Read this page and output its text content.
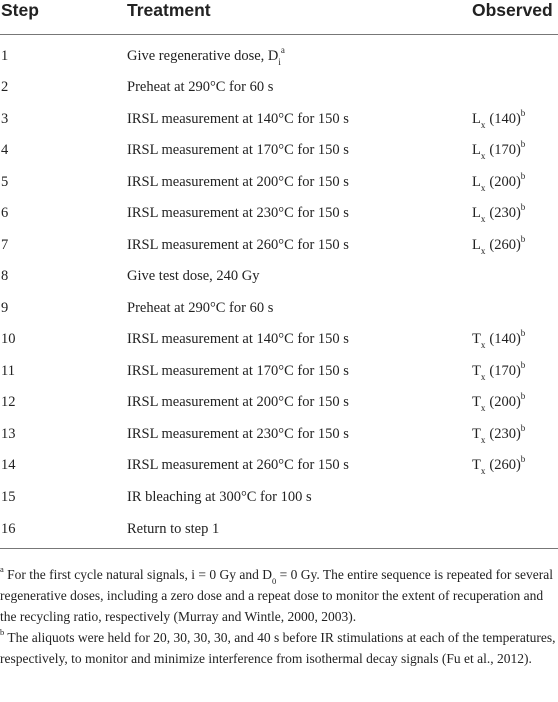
Step	Treatment	Observed
1	Give regenerative dose, $D_i^a$	
2	Preheat at 290°C for 60 s	
3	IRSL measurement at 140°C for 150 s	$L_x$ $(140)^b$
4	IRSL measurement at 170°C for 150 s	$L_x$ $(170)^b$
5	IRSL measurement at 200°C for 150 s	$L_x$ $(200)^b$
6	IRSL measurement at 230°C for 150 s	$L_x$ $(230)^b$
7	IRSL measurement at 260°C for 150 s	$L_x$ $(260)^b$
8	Give test dose, 240 Gy	
9	Preheat at 290°C for 60 s	
10	IRSL measurement at 140°C for 150 s	$T_x$ $(140)^b$
11	IRSL measurement at 170°C for 150 s	$T_x$ $(170)^b$
12	IRSL measurement at 200°C for 150 s	$T_x$ $(200)^b$
13	IRSL measurement at 230°C for 150 s	$T_x$ $(230)^b$
14	IRSL measurement at 260°C for 150 s	$T_x$ $(260)^b$
15	IR bleaching at 300°C for 100 s	
16	Return to step 1	

$^a$ For the first cycle natural signals, i = 0 Gy and $D_0 = 0$ Gy. The entire sequence is repeated for several regenerative doses, including a zero dose and a repeat dose to monitor the extent of recuperation and the recycling ratio, respectively (Murray and Wintle, 2000, 2003).

$^b$ The aliquots were held for 20, 30, 30, 30, and 40 s before IR stimulations at each of the temperatures, respectively, to monitor and minimize interference from isothermal decay signals (Fu et al., 2012).
